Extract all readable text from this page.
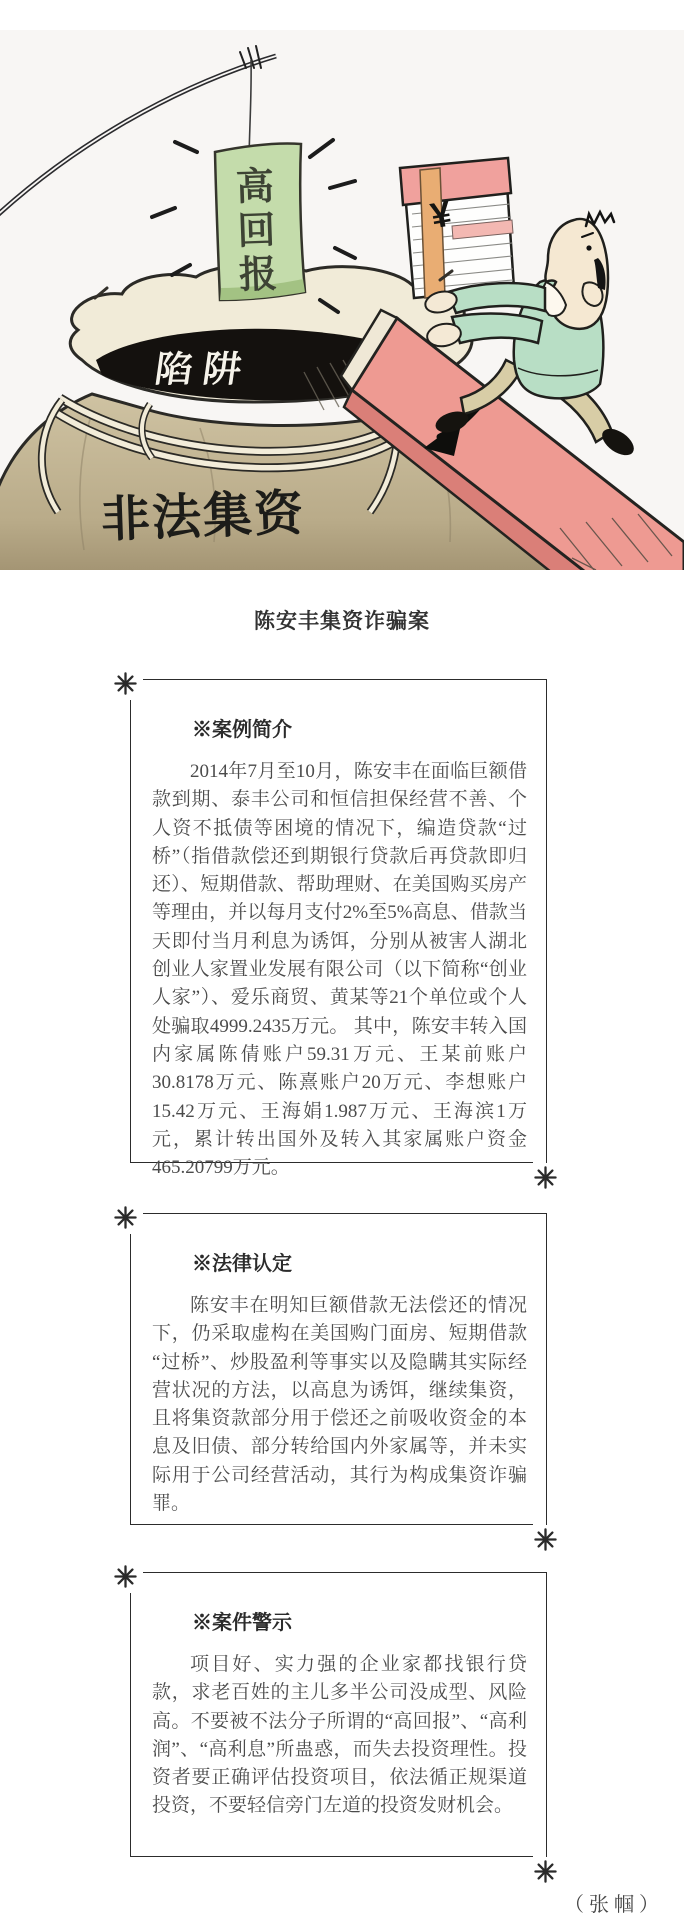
高回报
陷阱
非法集资
¥
陈安丰集资诈骗案
※案例简介

2014年7月至10月，陈安丰在面临巨额借款到期、泰丰公司和恒信担保经营不善、个人资不抵债等困境的情况下，编造贷款“过桥”（指借款偿还到期银行贷款后再贷款即归还）、短期借款、帮助理财、在美国购买房产等理由，并以每月支付2%至5%高息、借款当天即付当月利息为诱饵，分别从被害人湖北创业人家置业发展有限公司（以下简称“创业人家”）、爱乐商贸、黄某等21个单位或个人处骗取4999.2435万元。 其中，陈安丰转入国内家属陈倩账户59.31万元、王某前账户30.8178万元、陈熹账户20万元、李想账户15.42万元、王海娟1.987万元、王海滨1万元，累计转出国外及转入其家属账户资金465.20799万元。

※法律认定

陈安丰在明知巨额借款无法偿还的情况下，仍采取虚构在美国购门面房、短期借款“过桥”、炒股盈利等事实以及隐瞒其实际经营状况的方法，以高息为诱饵，继续集资，且将集资款部分用于偿还之前吸收资金的本息及旧债、部分转给国内外家属等，并未实际用于公司经营活动，其行为构成集资诈骗罪。

※案件警示

项目好、实力强的企业家都找银行贷款，求老百姓的主儿多半公司没成型、风险高。不要被不法分子所谓的“高回报”、“高利润”、“高利息”所蛊惑，而失去投资理性。投资者要正确评估投资项目，依法循正规渠道投资，不要轻信旁门左道的投资发财机会。

（张帼）
